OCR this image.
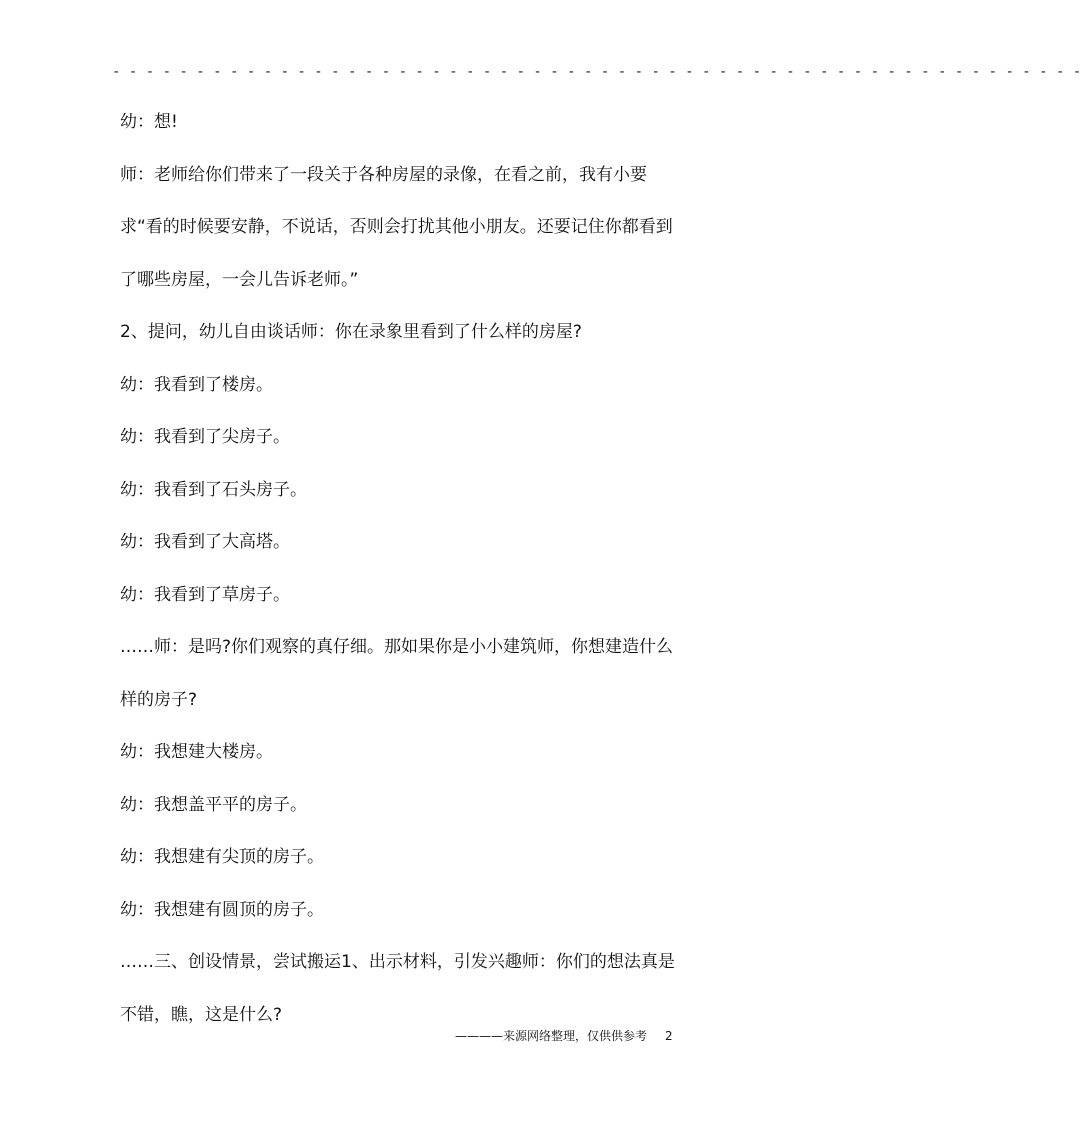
- - - - - - - - - - - - - - - - - - - - - - - - - - - - - - - - - - - - - - - - - - - - - - - - - - - - - - - - - -

幼：想!

师：老师给你们带来了一段关于各种房屋的录像，在看之前，我有小要求“看的时候要安静，不说话，否则会打扰其他小朋友。还要记住你都看到了哪些房屋，一会儿告诉老师。”

2、提问，幼儿自由谈话师：你在录象里看到了什么样的房屋?

幼：我看到了楼房。

幼：我看到了尖房子。

幼：我看到了石头房子。

幼：我看到了大高塔。

幼：我看到了草房子。

……师：是吗?你们观察的真仔细。那如果你是小小建筑师，你想建造什么样的房子?

幼：我想建大楼房。

幼：我想盖平平的房子。

幼：我想建有尖顶的房子。

幼：我想建有圆顶的房子。

……三、创设情景，尝试搬运1、出示材料，引发兴趣师：你们的想法真是不错，瞧，这是什么?

————来源网络整理，仅供供参考 2
